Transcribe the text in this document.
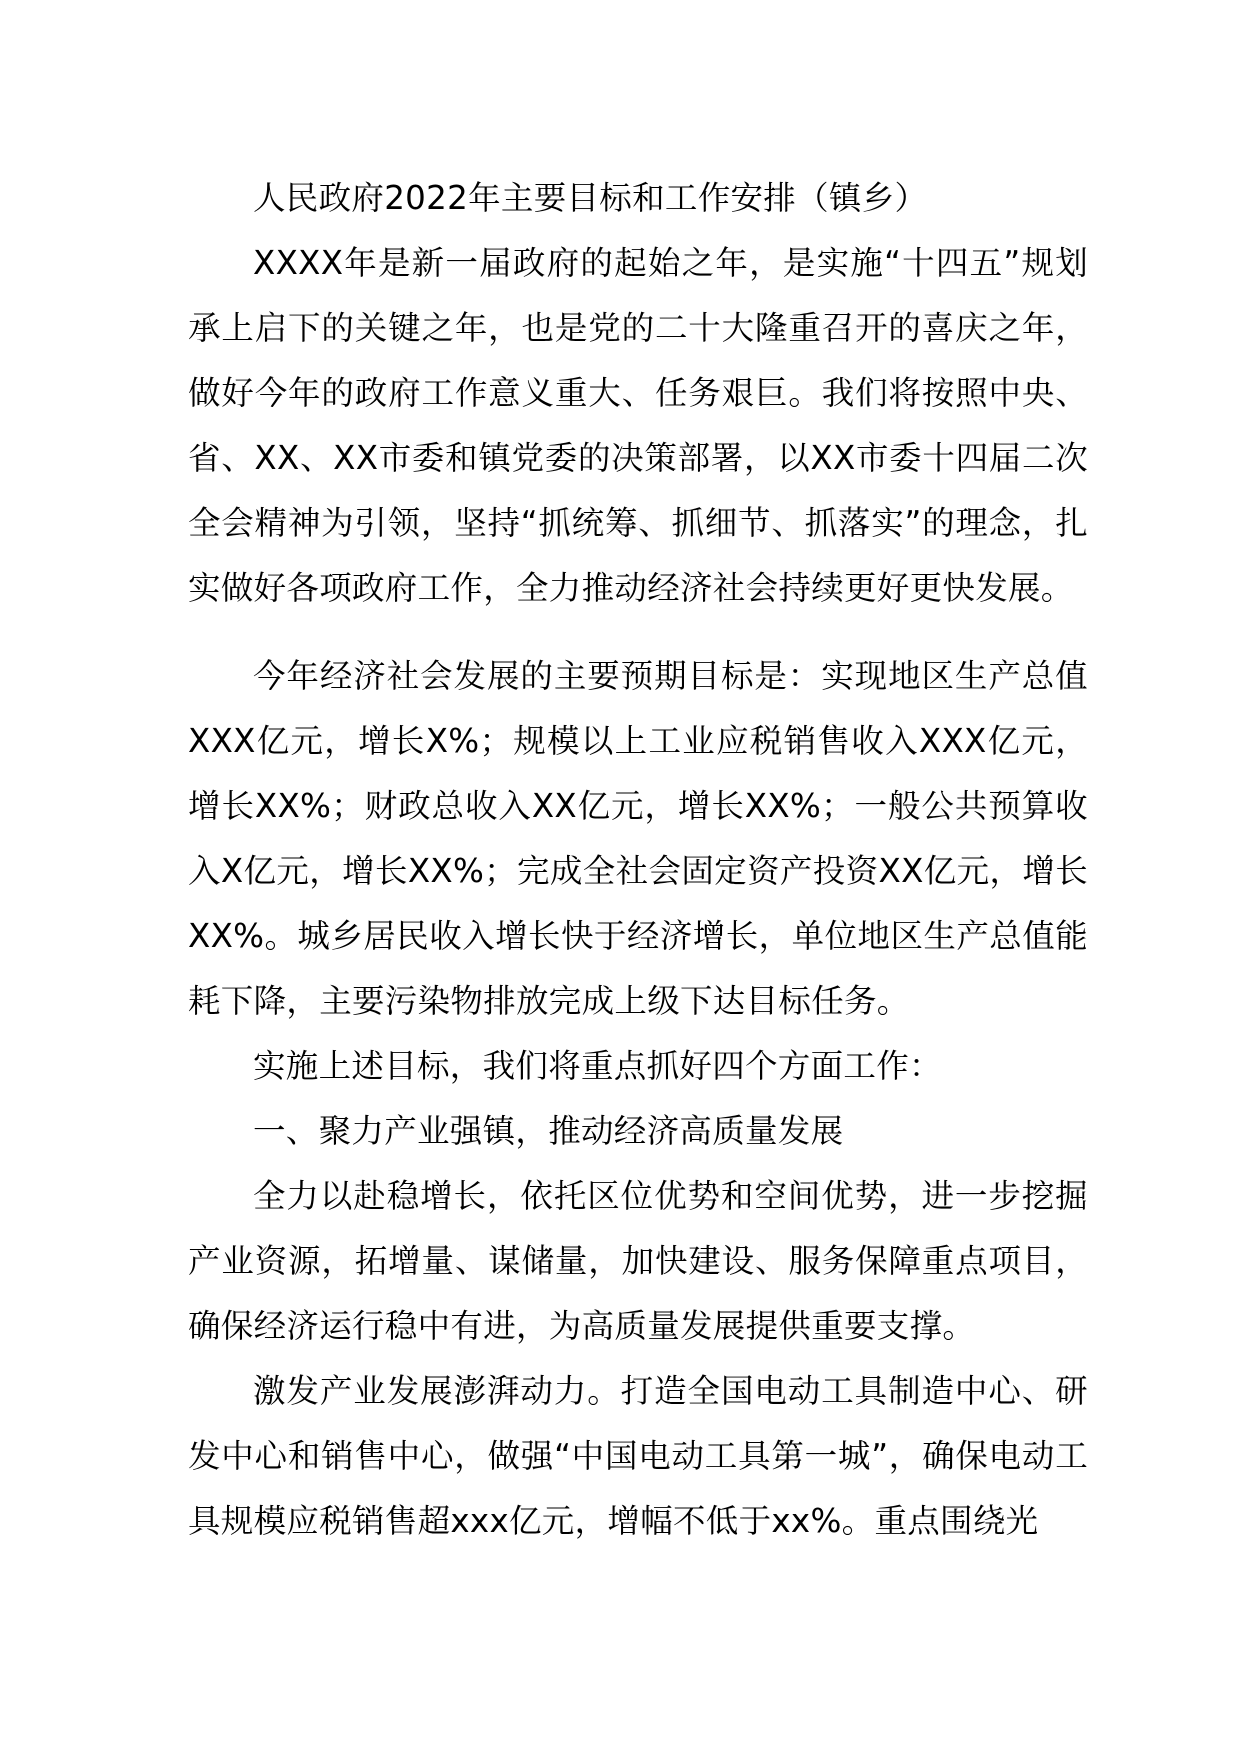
人民政府2022年主要目标和工作安排（镇乡）

XXXX年是新一届政府的起始之年，是实施“十四五”规划承上启下的关键之年，也是党的二十大隆重召开的喜庆之年，做好今年的政府工作意义重大、任务艰巨。我们将按照中央、省、XX、XX市委和镇党委的决策部署，以XX市委十四届二次全会精神为引领，坚持“抓统筹、抓细节、抓落实”的理念，扎实做好各项政府工作，全力推动经济社会持续更好更快发展。

今年经济社会发展的主要预期目标是：实现地区生产总值XXX亿元，增长X%；规模以上工业应税销售收入XXX亿元，增长XX%；财政总收入XX亿元，增长XX%；一般公共预算收入X亿元，增长XX%；完成全社会固定资产投资XX亿元，增长XX%。城乡居民收入增长快于经济增长，单位地区生产总值能耗下降，主要污染物排放完成上级下达目标任务。

实施上述目标，我们将重点抓好四个方面工作：

一、聚力产业强镇，推动经济高质量发展

全力以赴稳增长，依托区位优势和空间优势，进一步挖掘产业资源，拓增量、谋储量，加快建设、服务保障重点项目，确保经济运行稳中有进，为高质量发展提供重要支撑。

激发产业发展澎湃动力。打造全国电动工具制造中心、研发中心和销售中心，做强“中国电动工具第一城”，确保电动工具规模应税销售超xxx亿元，增幅不低于xx%。重点围绕光
